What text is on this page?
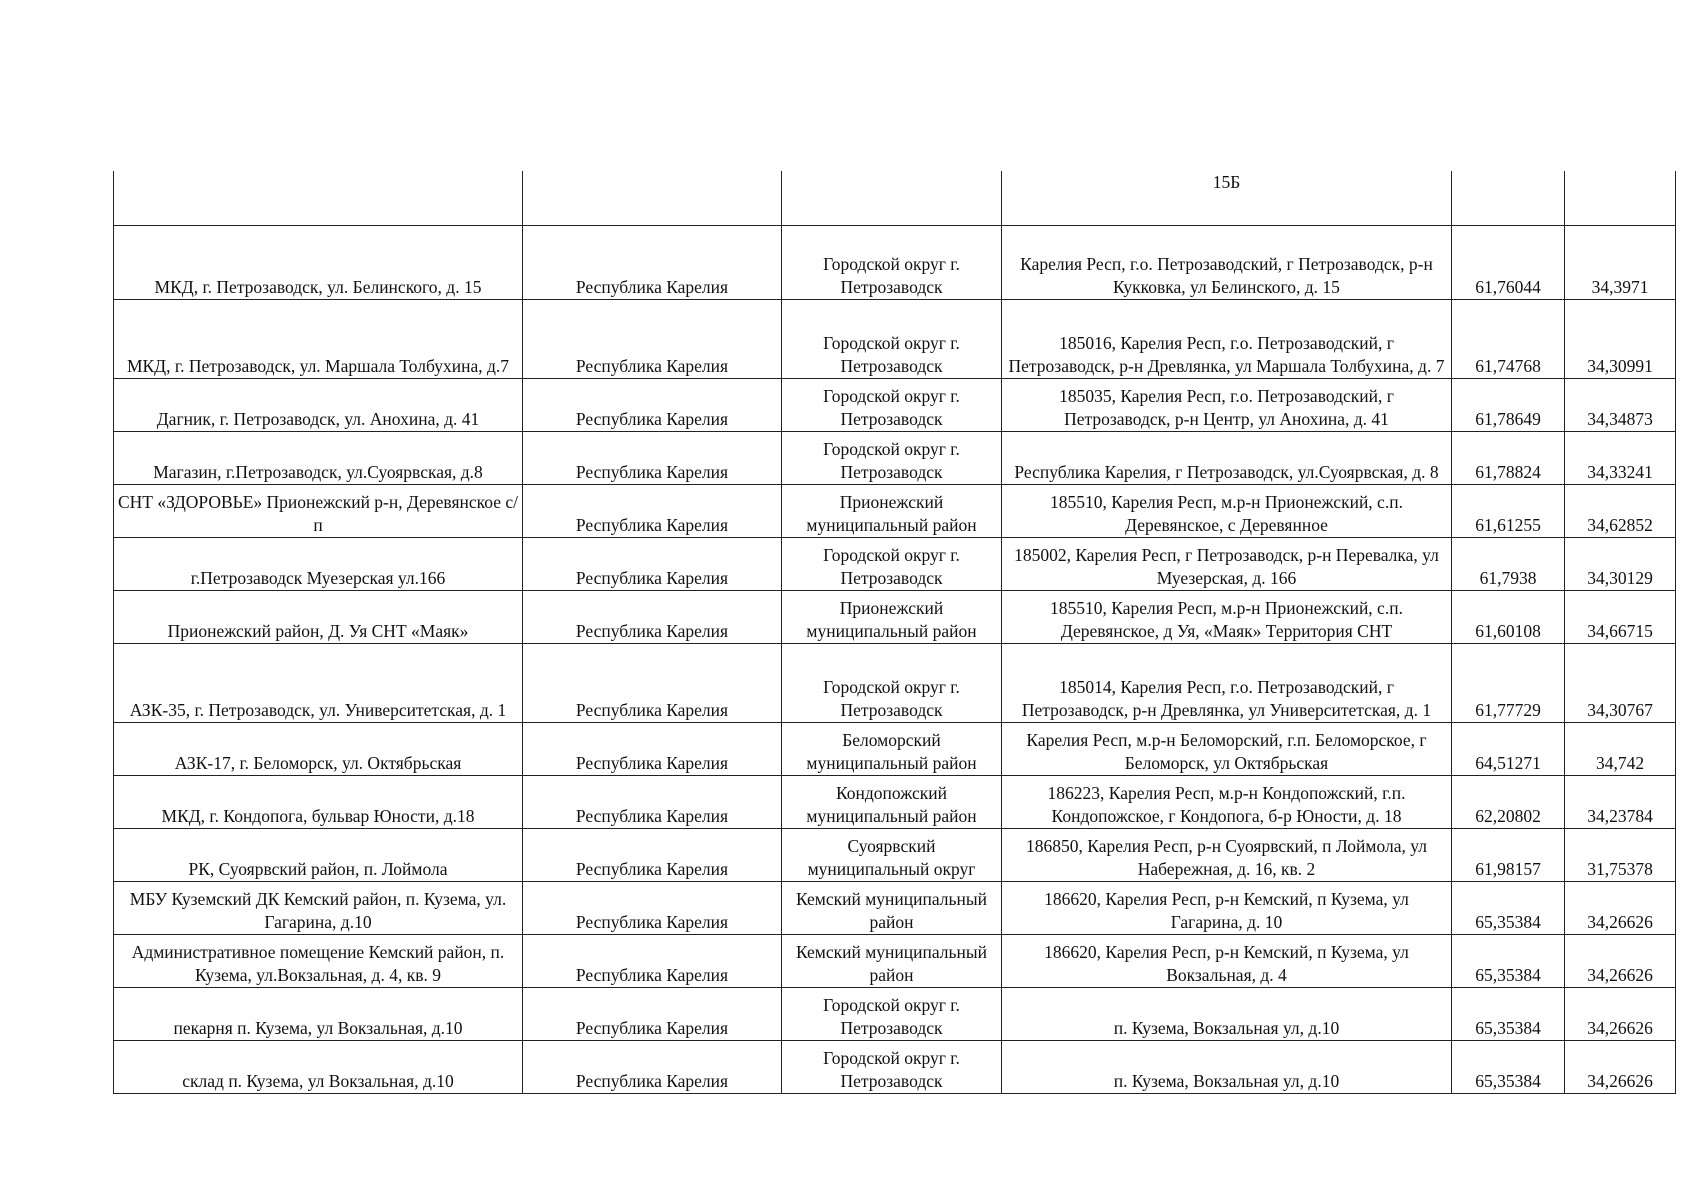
			15Б		
МКД, г. Петрозаводск, ул. Белинского, д. 15	Республика Карелия	Городской округ г. Петрозаводск	Карелия Респ, г.о. Петрозаводский, г Петрозаводск, р-н Кукковка, ул Белинского, д. 15	61,76044	34,3971
МКД, г. Петрозаводск, ул. Маршала Толбухина, д.7	Республика Карелия	Городской округ г. Петрозаводск	185016, Карелия Респ, г.о. Петрозаводский, г Петрозаводск, р-н Древлянка, ул Маршала Толбухина, д. 7	61,74768	34,30991
Дагник, г. Петрозаводск, ул. Анохина, д. 41	Республика Карелия	Городской округ г. Петрозаводск	185035, Карелия Респ, г.о. Петрозаводский, г Петрозаводск, р-н Центр, ул Анохина, д. 41	61,78649	34,34873
Магазин, г.Петрозаводск, ул.Суоярвская, д.8	Республика Карелия	Городской округ г. Петрозаводск	Республика Карелия, г Петрозаводск, ул.Суоярвская, д. 8	61,78824	34,33241
СНТ «ЗДОРОВЬЕ» Прионежский р-н, Деревянское с/п	Республика Карелия	Прионежский муниципальный район	185510, Карелия Респ, м.р-н Прионежский, с.п. Деревянское, с Деревянное	61,61255	34,62852
г.Петрозаводск Муезерская ул.166	Республика Карелия	Городской округ г. Петрозаводск	185002, Карелия Респ, г Петрозаводск, р-н Перевалка, ул Муезерская, д. 166	61,7938	34,30129
Прионежский район, Д. Уя СНТ «Маяк»	Республика Карелия	Прионежский муниципальный район	185510, Карелия Респ, м.р-н Прионежский, с.п. Деревянское, д Уя, «Маяк» Территория СНТ	61,60108	34,66715
АЗК-35, г. Петрозаводск, ул. Университетская, д. 1	Республика Карелия	Городской округ г. Петрозаводск	185014, Карелия Респ, г.о. Петрозаводский, г Петрозаводск, р-н Древлянка, ул Университетская, д. 1	61,77729	34,30767
АЗК-17, г. Беломорск, ул. Октябрьская	Республика Карелия	Беломорский муниципальный район	Карелия Респ, м.р-н Беломорский, г.п. Беломорское, г Беломорск, ул Октябрьская	64,51271	34,742
МКД, г. Кондопога, бульвар Юности, д.18	Республика Карелия	Кондопожский муниципальный район	186223, Карелия Респ, м.р-н Кондопожский, г.п. Кондопожское, г Кондопога, б-р Юности, д. 18	62,20802	34,23784
РК, Суоярвский район, п. Лоймола	Республика Карелия	Суоярвский муниципальный округ	186850, Карелия Респ, р-н Суоярвский, п Лоймола, ул Набережная, д. 16, кв. 2	61,98157	31,75378
МБУ Куземский ДК Кемский район, п. Кузема, ул. Гагарина, д.10	Республика Карелия	Кемский муниципальный район	186620, Карелия Респ, р-н Кемский, п Кузема, ул Гагарина, д. 10	65,35384	34,26626
Административное помещение Кемский район, п. Кузема, ул.Вокзальная, д. 4, кв. 9	Республика Карелия	Кемский муниципальный район	186620, Карелия Респ, р-н Кемский, п Кузема, ул Вокзальная, д. 4	65,35384	34,26626
пекарня п. Кузема, ул Вокзальная, д.10	Республика Карелия	Городской округ г. Петрозаводск	п. Кузема, Вокзальная ул, д.10	65,35384	34,26626
склад п. Кузема, ул Вокзальная, д.10	Республика Карелия	Городской округ г. Петрозаводск	п. Кузема, Вокзальная ул, д.10	65,35384	34,26626
